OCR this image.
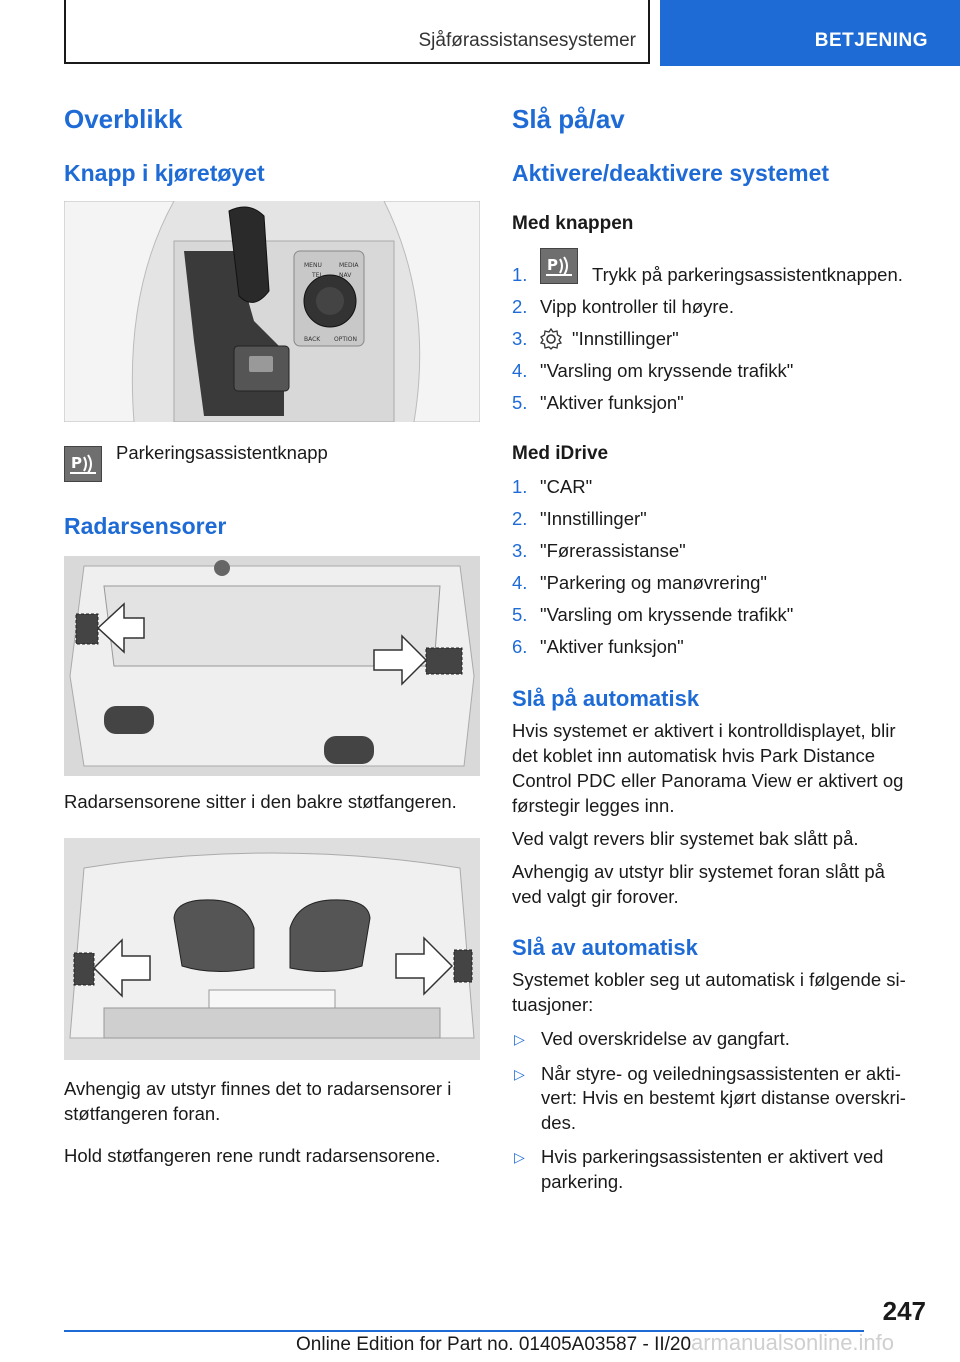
Sjåførassistansesystemer	BETJENING
Overblikk
Knapp i kjøretøyet
MENU
TEL	NAV
MEDIA
BACK OPTION
P Parkeringsassistentknapp
Radarsensorer
Radarsensorene sitter i den bakre støtfangeren.
Avhengig av utstyr finnes det to radarsensorer i
støtfangeren foran.
Hold støtfangeren rene rundt radarsensorene.
Slå på/av
Aktivere/deaktivere systemet
Med knappen
1. P Trykk på parkeringsassistentknappen.
2. Vipp kontroller til høyre.
3. "Innstillinger"
4. "Varsling om kryssende trafikk"
5. "Aktiver funksjon"
Med iDrive
1. "CAR"
2. "Innstillinger"
3. "Førerassistanse"
4. "Parkering og manøvrering"
5. "Varsling om kryssende trafikk"
6. "Aktiver funksjon"
Slå på automatisk
Hvis systemet er aktivert i kontrolldisplayet, blir
det koblet inn automatisk hvis Park Distance
Control PDC eller Panorama View er aktivert og
førstegir legges inn.
Ved valgt revers blir systemet bak slått på.
Avhengig av utstyr blir systemet foran slått på
ved valgt gir forover.
Slå av automatisk
Systemet kobler seg ut automatisk i følgende si-
tuasjoner:
▷ Ved overskridelse av gangfart.
▷ Når styre- og veiledningsassistenten er akti-
vert: Hvis en bestemt kjørt distanse overskri-
des.
▷ Hvis parkeringsassistenten er aktivert ved
parkering.
247
carmanualsonline.info
Online Edition for Part no. 01405A03587 - II/20
